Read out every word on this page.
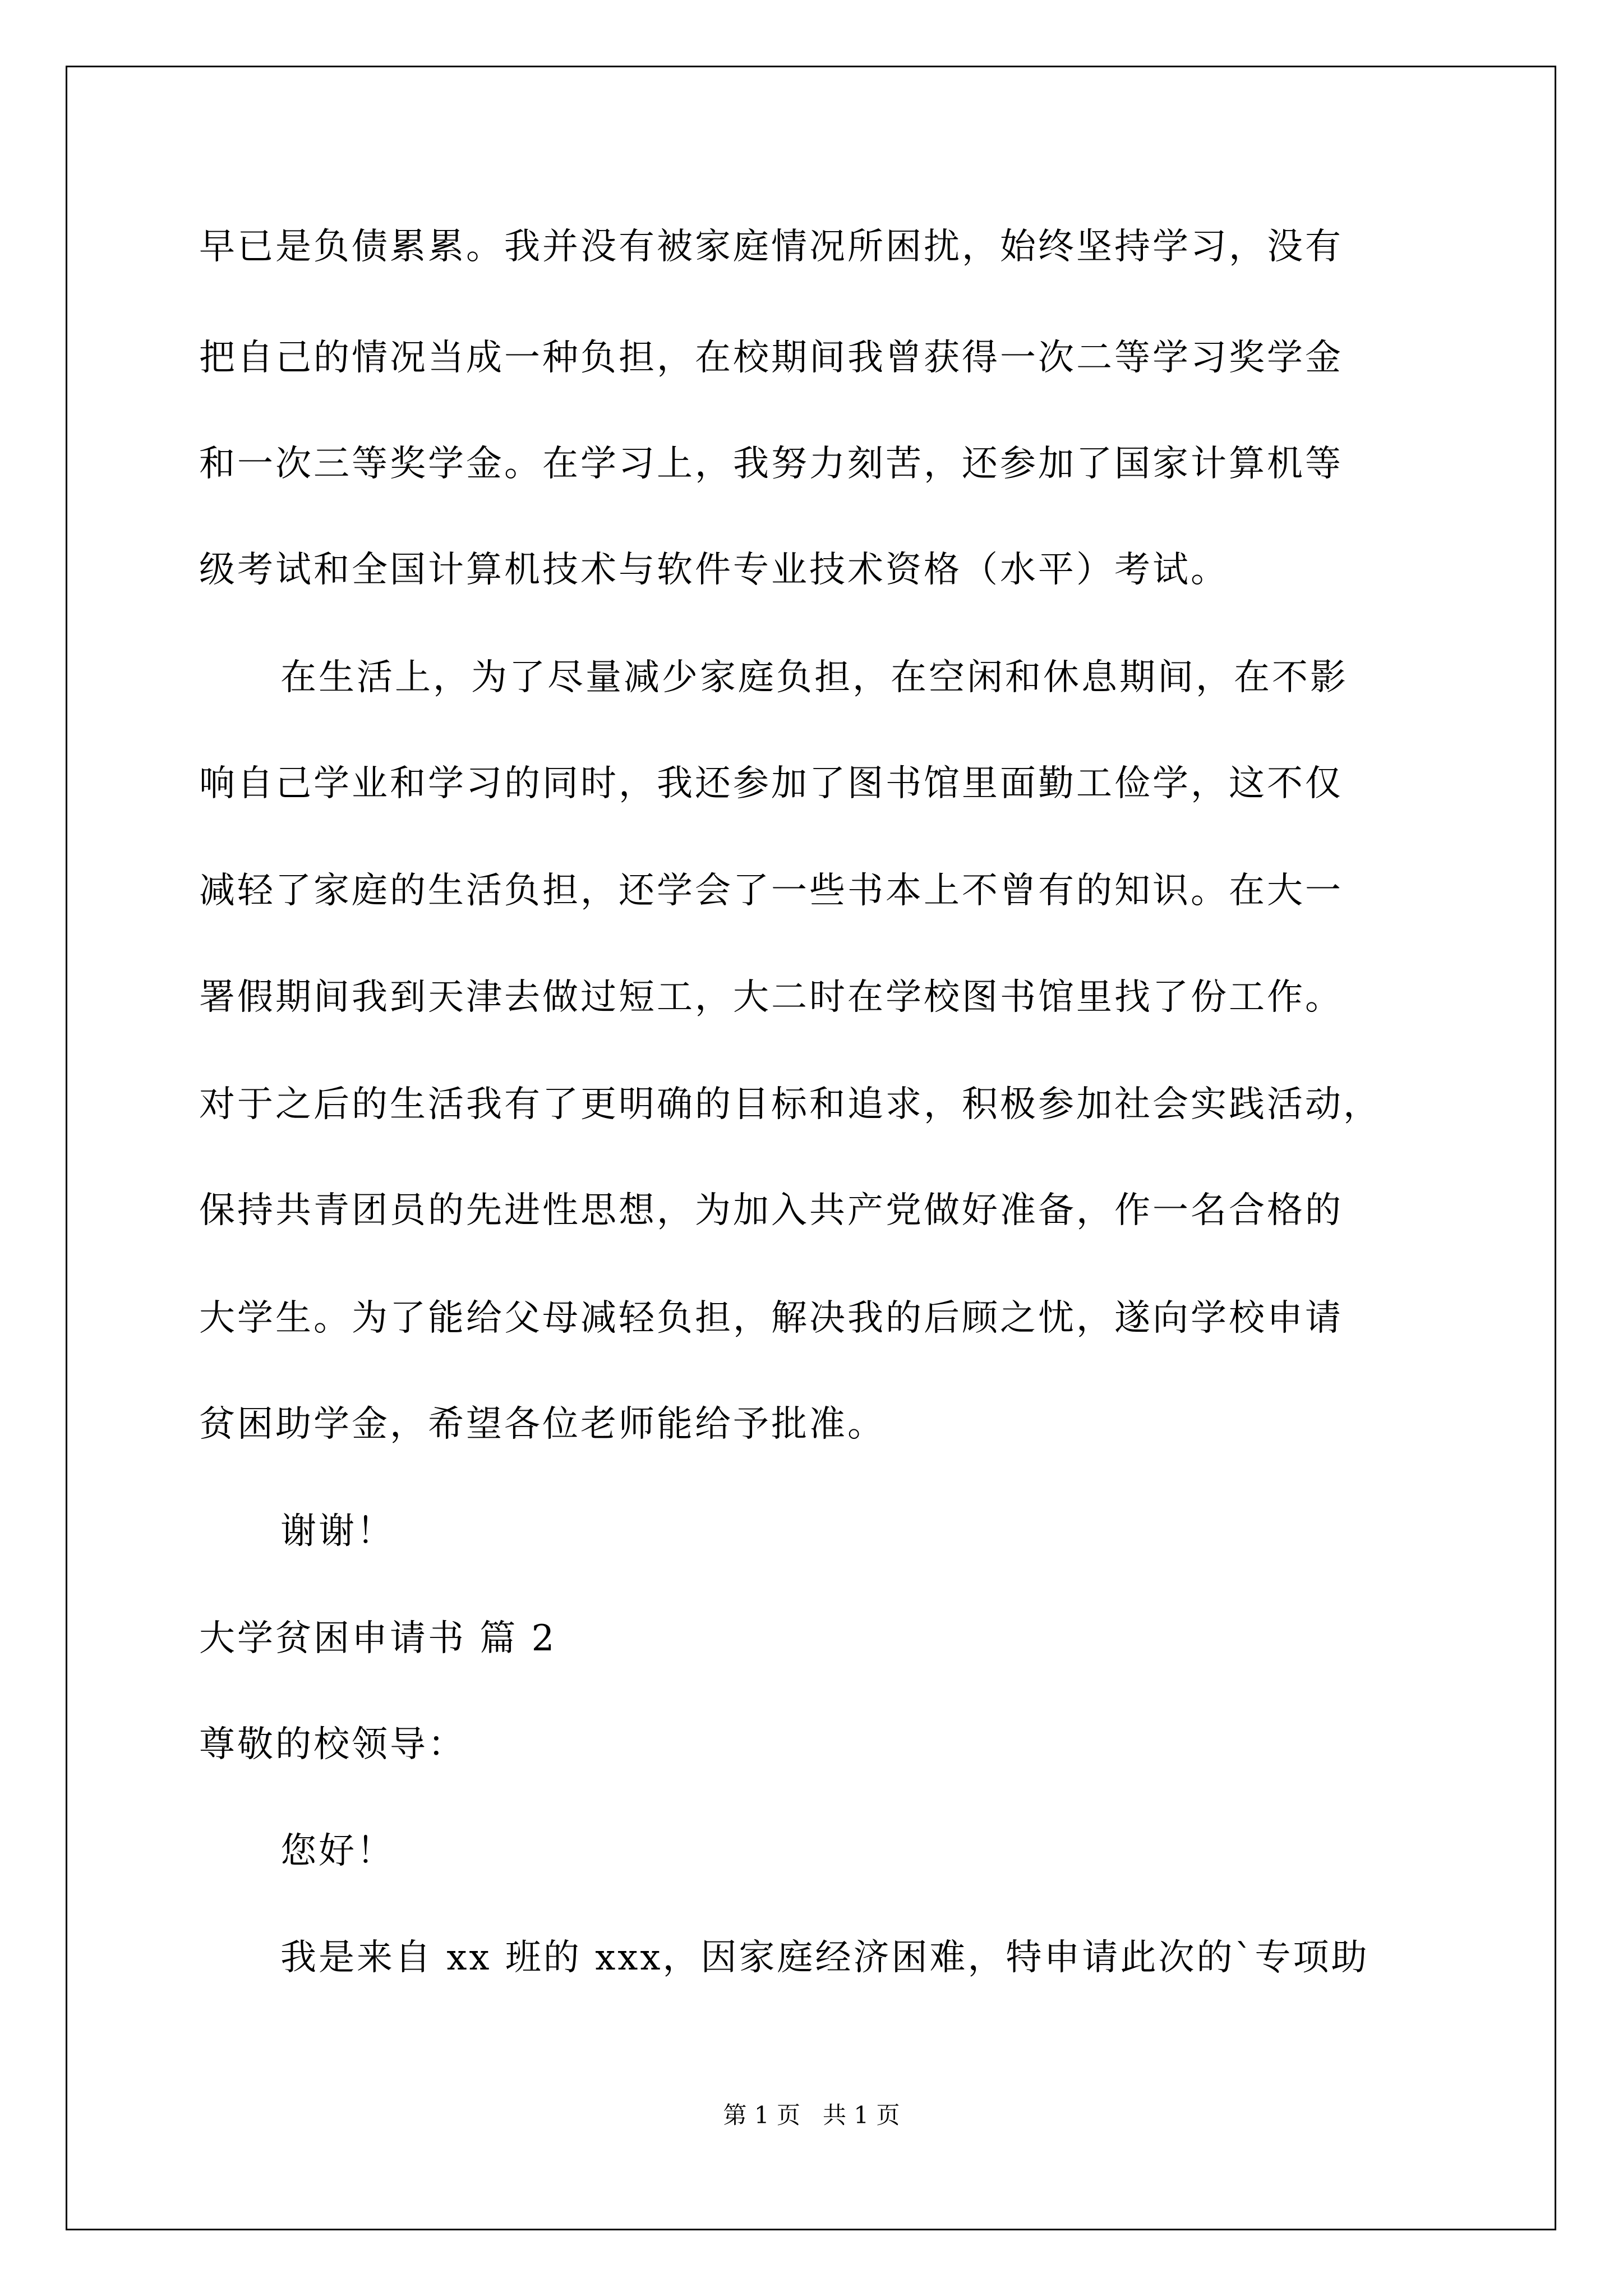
早已是负债累累。我并没有被家庭情况所困扰，始终坚持学习，没有
把自己的情况当成一种负担，在校期间我曾获得一次二等学习奖学金
和一次三等奖学金。在学习上，我努力刻苦，还参加了国家计算机等
级考试和全国计算机技术与软件专业技术资格（水平）考试。
在生活上，为了尽量减少家庭负担，在空闲和休息期间，在不影
响自己学业和学习的同时，我还参加了图书馆里面勤工俭学，这不仅
减轻了家庭的生活负担，还学会了一些书本上不曾有的知识。在大一
署假期间我到天津去做过短工，大二时在学校图书馆里找了份工作。
对于之后的生活我有了更明确的目标和追求，积极参加社会实践活动，
保持共青团员的先进性思想，为加入共产党做好准备，作一名合格的
大学生。为了能给父母减轻负担，解决我的后顾之忧，遂向学校申请
贫困助学金，希望各位老师能给予批准。
谢谢！
大学贫困申请书 篇 2
尊敬的校领导：
您好！
我是来自 xx 班的 xxx，因家庭经济困难，特申请此次的`专项助
第 1 页   共 1 页
